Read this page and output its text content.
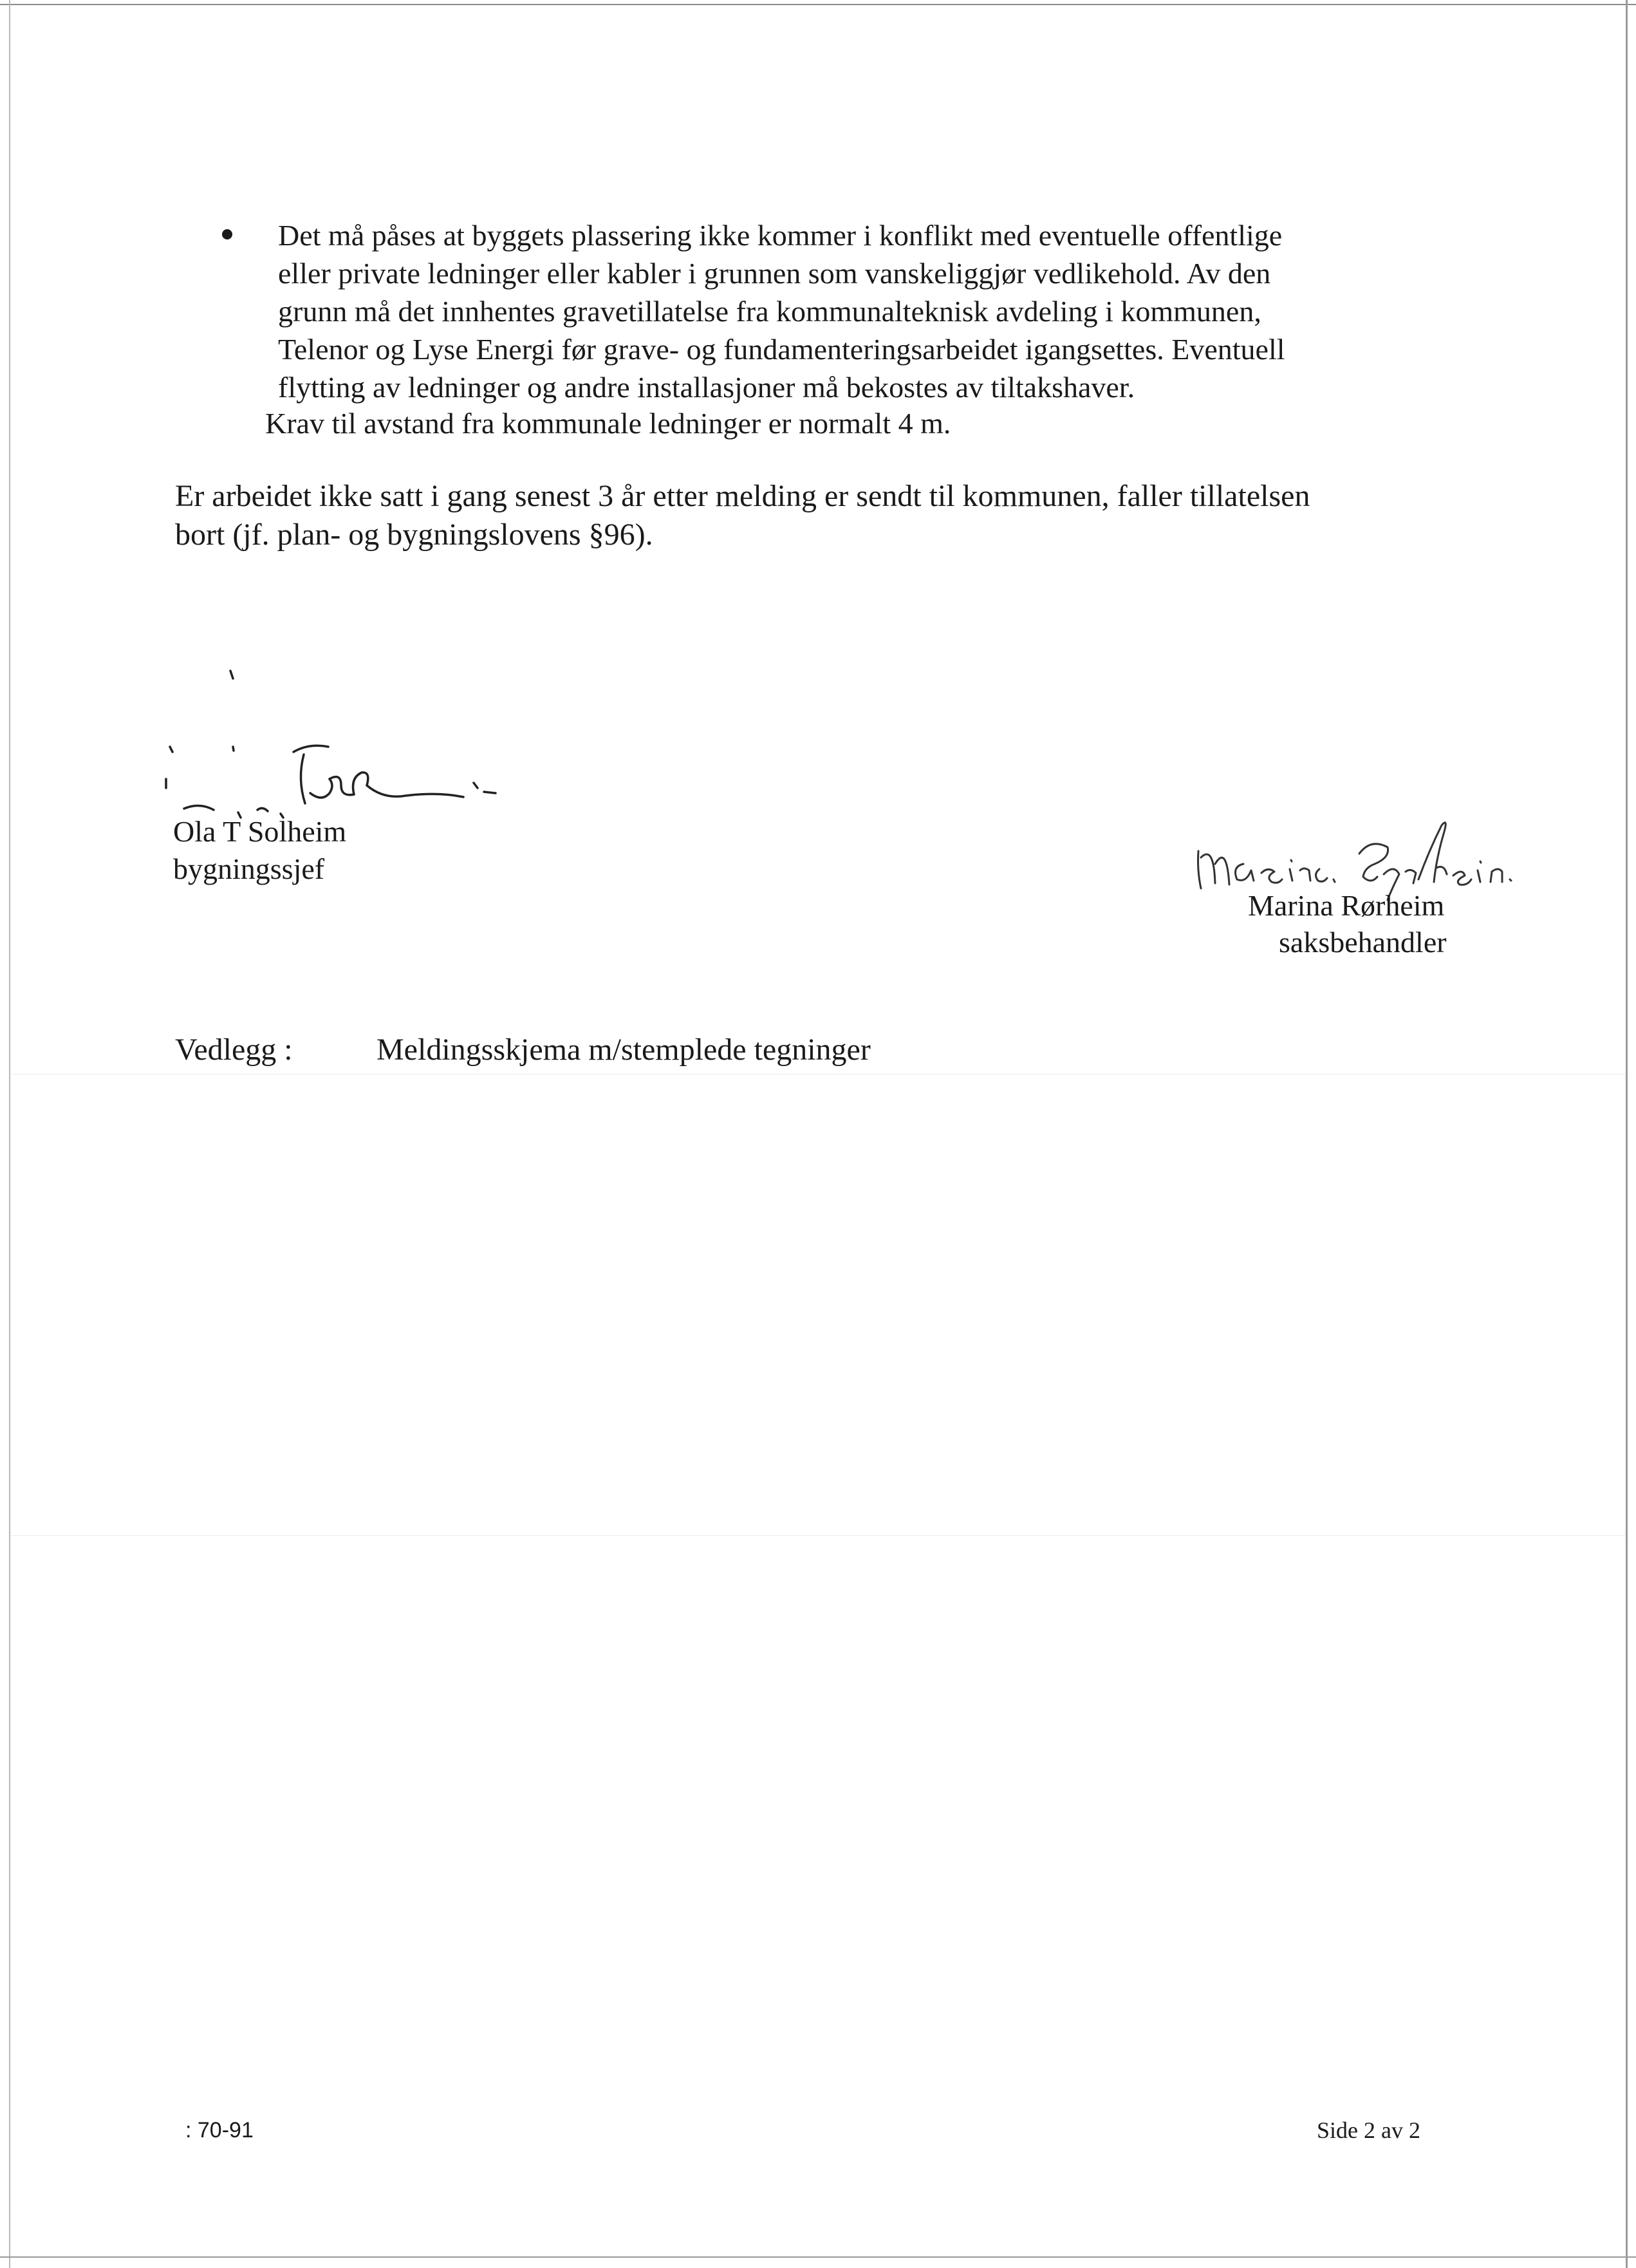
Det må påses at byggets plassering ikke kommer i konflikt med eventuelle offentlige
eller private ledninger eller kabler i grunnen som vanskeliggjør vedlikehold. Av den
grunn må det innhentes gravetillatelse fra kommunalteknisk avdeling i kommunen,
Telenor og Lyse Energi før grave- og fundamenteringsarbeidet igangsettes. Eventuell
flytting av ledninger og andre installasjoner må bekostes av tiltakshaver.
Krav til avstand fra kommunale ledninger er normalt 4 m.
Er arbeidet ikke satt i gang senest 3 år etter melding er sendt til kommunen, faller tillatelsen
bort (jf. plan- og bygningslovens §96).
Ola T Solheim
bygningssjef
Marina Rørheim
saksbehandler
Vedlegg :	Meldingsskjema m/stemplede tegninger
: 70-91	Side 2 av 2
